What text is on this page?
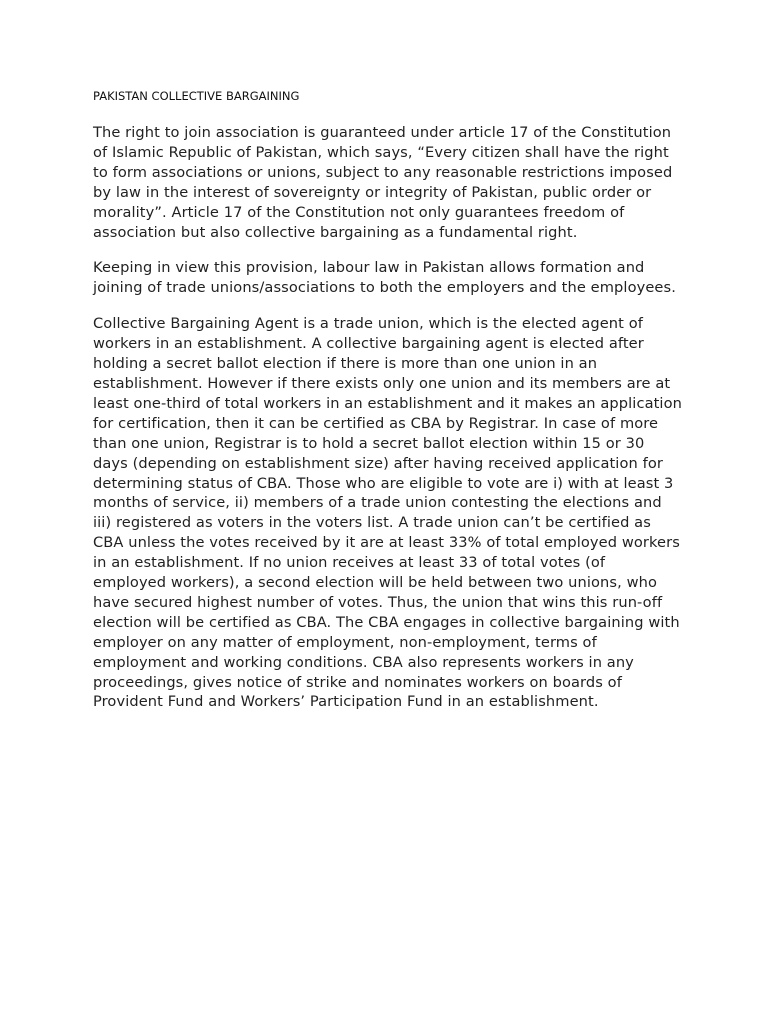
PAKISTAN COLLECTIVE BARGAINING

The right to join association is guaranteed under article 17 of the Constitution of Islamic Republic of Pakistan, which says, “Every citizen shall have the right to form associations or unions, subject to any reasonable restrictions imposed by law in the interest of sovereignty or integrity of Pakistan, public order or morality”. Article 17 of the Constitution not only guarantees freedom of association but also collective bargaining as a fundamental right.

Keeping in view this provision, labour law in Pakistan allows formation and joining of trade unions/associations to both the employers and the employees.

Collective Bargaining Agent is a trade union, which is the elected agent of workers in an establishment. A collective bargaining agent is elected after holding a secret ballot election if there is more than one union in an establishment. However if there exists only one union and its members are at least one-third of total workers in an establishment and it makes an application for certification, then it can be certified as CBA by Registrar. In case of more than one union, Registrar is to hold a secret ballot election within 15 or 30 days (depending on establishment size) after having received application for determining status of CBA. Those who are eligible to vote are i) with at least 3 months of service, ii) members of a trade union contesting the elections and iii) registered as voters in the voters list. A trade union can’t be certified as CBA unless the votes received by it are at least 33% of total employed workers in an establishment. If no union receives at least 33 of total votes (of employed workers), a second election will be held between two unions, who have secured highest number of votes. Thus, the union that wins this run-off election will be certified as CBA. The CBA engages in collective bargaining with employer on any matter of employment, non-employment, terms of employment and working conditions. CBA also represents workers in any proceedings, gives notice of strike and nominates workers on boards of Provident Fund and Workers’ Participation Fund in an establishment.
